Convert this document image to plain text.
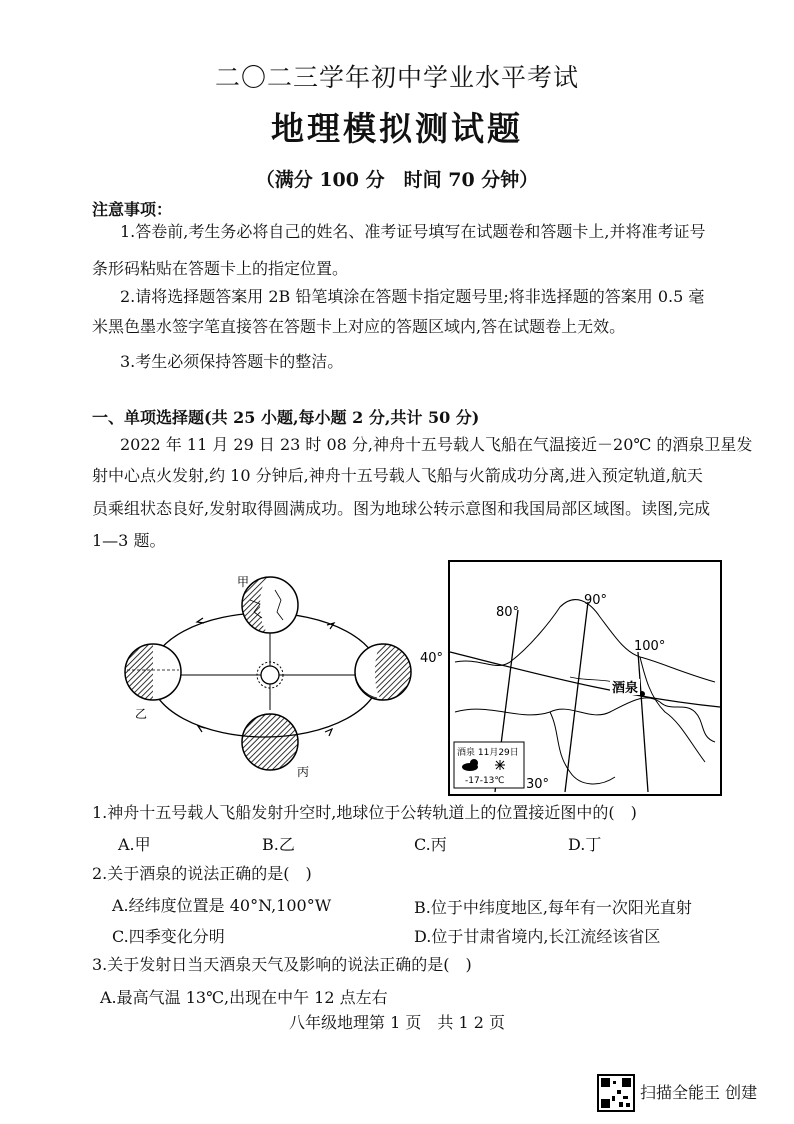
二〇二三学年初中学业水平考试
地理模拟测试题
（满分 100 分　时间 70 分钟）
注意事项：
1.答卷前,考生务必将自己的姓名、准考证号填写在试题卷和答题卡上,并将准考证号
条形码粘贴在答题卡上的指定位置。
2.请将选择题答案用 2B 铅笔填涂在答题卡指定题号里;将非选择题的答案用 0.5 毫
米黑色墨水签字笔直接答在答题卡上对应的答题区域内,答在试题卷上无效。
3.考生必须保持答题卡的整洁。
一、单项选择题(共 25 小题,每小题 2 分,共计 50 分)
2022 年 11 月 29 日 23 时 08 分,神舟十五号载人飞船在气温接近－20℃ 的酒泉卫星发
射中心点火发射,约 10 分钟后,神舟十五号载人飞船与火箭成功分离,进入预定轨道,航天
员乘组状态良好,发射取得圆满成功。图为地球公转示意图和我国局部区域图。读图,完成
1—3 题。
甲
乙
丙
酒泉
80°
90°
100°
40°
30°
酒泉 11月29日
-17-13℃
1.神舟十五号载人飞船发射升空时,地球位于公转轨道上的位置接近图中的(　)
A.甲	B.乙	C.丙	D.丁
2.关于酒泉的说法正确的是(　)
A.经纬度位置是 40°N,100°W	B.位于中纬度地区,每年有一次阳光直射
C.四季变化分明	D.位于甘肃省境内,长江流经该省区
3.关于发射日当天酒泉天气及影响的说法正确的是(　)
A.最高气温 13℃,出现在中午 12 点左右
八年级地理第 1 页　共 1 2 页
扫描全能王 创建
